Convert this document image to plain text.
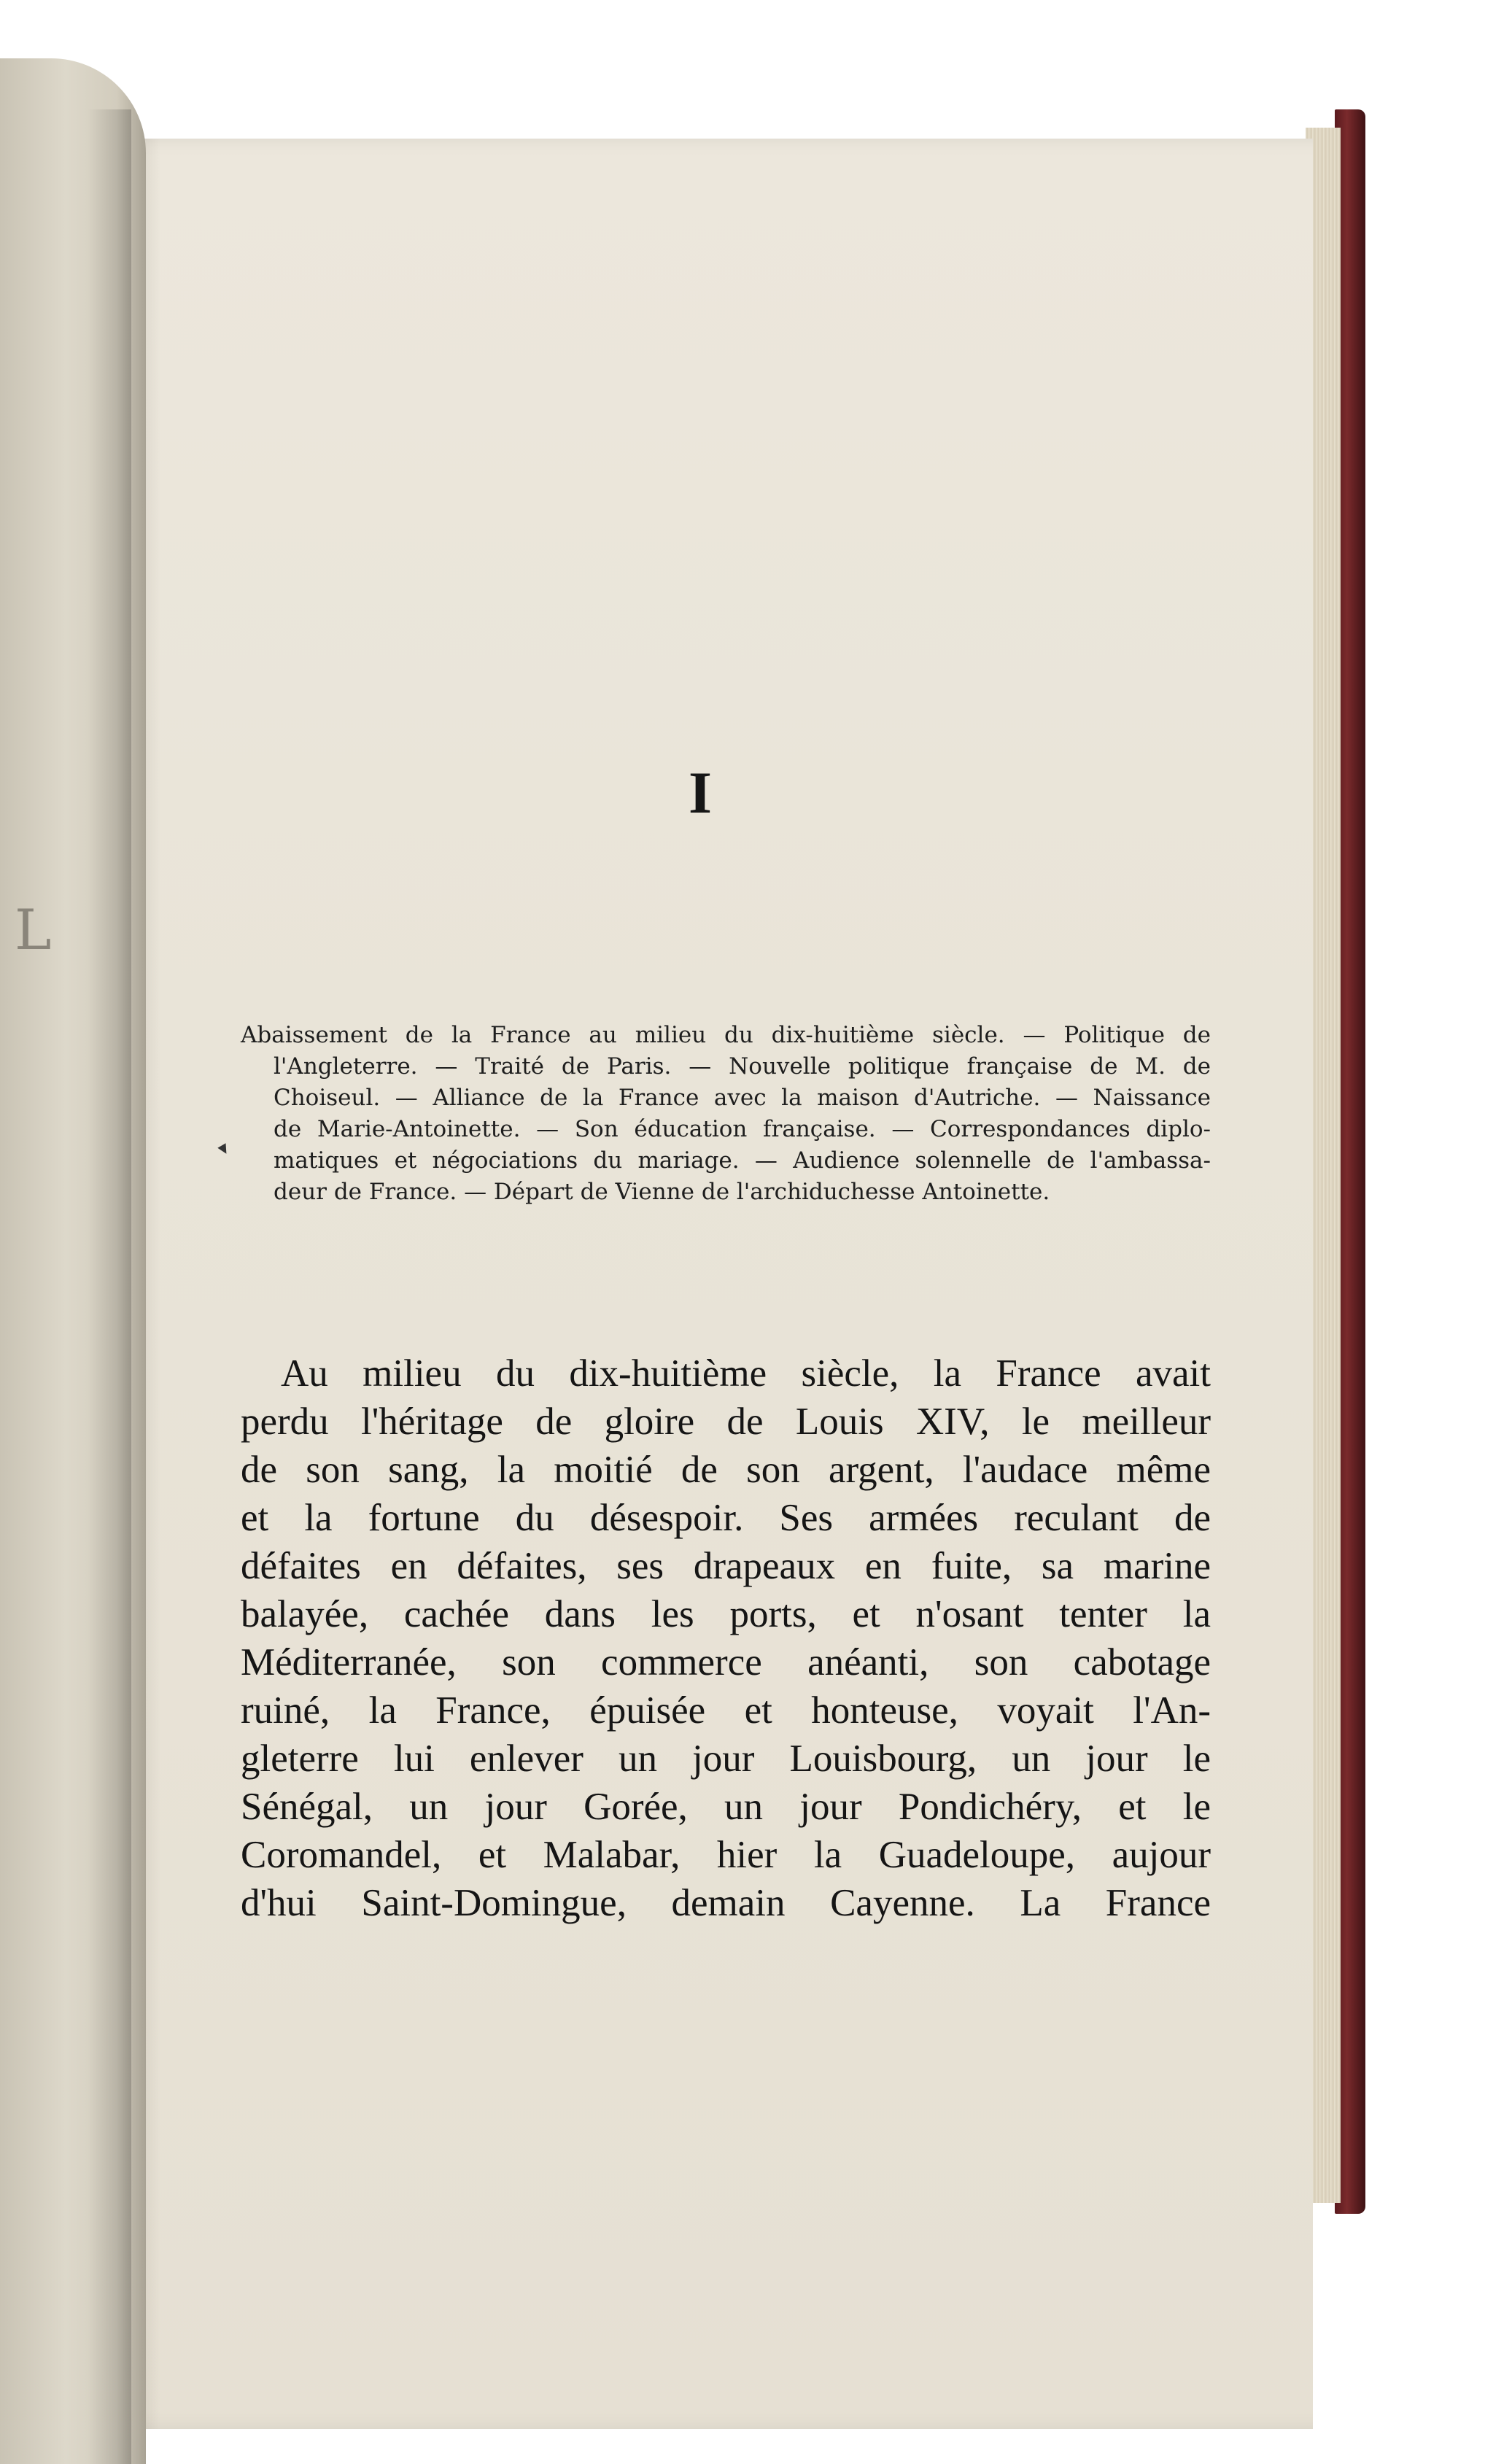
L
I
▾
Abaissement de la France au milieu du dix-huitième siècle. — Politique de
l'Angleterre. — Traité de Paris. — Nouvelle politique française de M. de
Choiseul. — Alliance de la France avec la maison d'Autriche. — Naissance
de Marie-Antoinette. — Son éducation française. — Correspondances diplo-
matiques et négociations du mariage. — Audience solennelle de l'ambassa-
deur de France. — Départ de Vienne de l'archiduchesse Antoinette.
Au milieu du dix-huitième siècle, la France avait
perdu l'héritage de gloire de Louis XIV, le meilleur
de son sang, la moitié de son argent, l'audace même
et la fortune du désespoir. Ses armées reculant de
défaites en défaites, ses drapeaux en fuite, sa marine
balayée, cachée dans les ports, et n'osant tenter la
Méditerranée, son commerce anéanti, son cabotage
ruiné, la France, épuisée et honteuse, voyait l'An-
gleterre lui enlever un jour Louisbourg, un jour le
Sénégal, un jour Gorée, un jour Pondichéry, et le
Coromandel, et Malabar, hier la Guadeloupe, aujour
d'hui Saint-Domingue, demain Cayenne. La France
